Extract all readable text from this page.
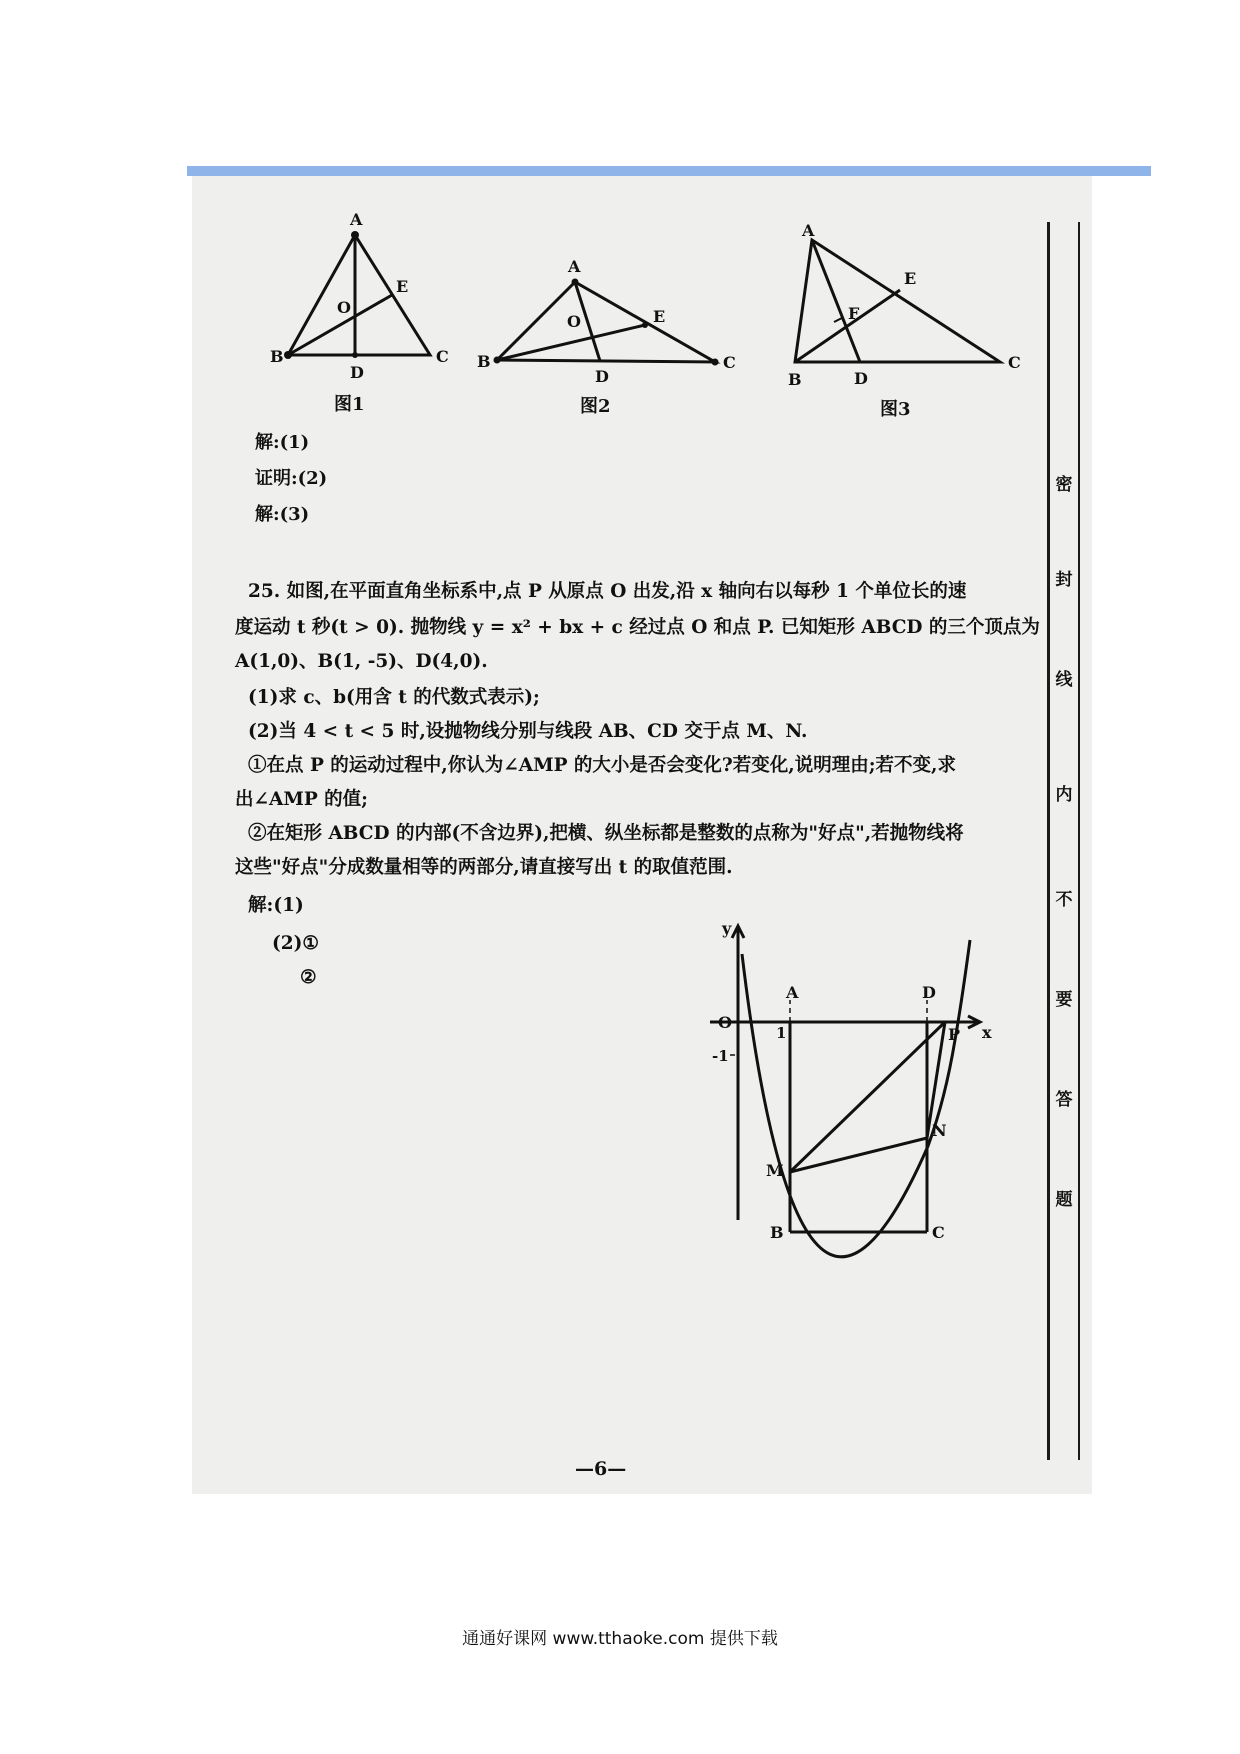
A
B	C
D
E
O
图1
A
B	C
D
E
O
图2
A
B
C
D
E
F
图3
解:(1)
证明:(2)
解:(3)
25. 如图,在平面直角坐标系中,点 P 从原点 O 出发,沿 x 轴向右以每秒 1 个单位长的速
度运动 t 秒(t > 0). 抛物线 y = x² + bx + c 经过点 O 和点 P. 已知矩形 ABCD 的三个顶点为
A(1,0)、B(1, -5)、D(4,0).
(1)求 c、b(用含 t 的代数式表示);
(2)当 4 < t < 5 时,设抛物线分别与线段 AB、CD 交于点 M、N.
①在点 P 的运动过程中,你认为∠AMP 的大小是否会变化?若变化,说明理由;若不变,求
出∠AMP 的值;
②在矩形 ABCD 的内部(不含边界),把横、纵坐标都是整数的点称为"好点",若抛物线将
这些"好点"分成数量相等的两部分,请直接写出 t 的取值范围.
解:(1)
(2)①
②
y
x
O
1
-1
A	D
P
N
M
B	C
密
封
线
内
不
要
答
题
—6—
通通好课网 www.tthaoke.com 提供下载
